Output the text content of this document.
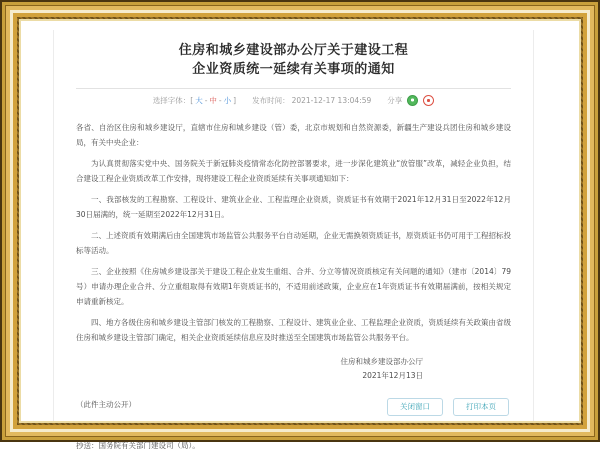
住房和城乡建设部办公厅关于建设工程
企业资质统一延续有关事项的通知
选择字体：[ 大 - 中 - 小 ] 发布时间： 2021-12-17 13:04:59 分享

各省、自治区住房和城乡建设厅，直辖市住房和城乡建设（管）委，北京市规划和自然资源委，新疆生产建设兵团住房和城乡建设局，有关中央企业：

为认真贯彻落实党中央、国务院关于新冠肺炎疫情常态化防控部署要求，进一步深化建筑业“放管服”改革，减轻企业负担，结合建设工程企业资质改革工作安排，现将建设工程企业资质延续有关事项通知如下：

一、我部核发的工程勘察、工程设计、建筑业企业、工程监理企业资质，资质证书有效期于2021年12月31日至2022年12月30日届满的，统一延期至2022年12月31日。

二、上述资质有效期满后由全国建筑市场监管公共服务平台自动延期，企业无需换领资质证书，原资质证书仍可用于工程招标投标等活动。

三、企业按照《住房城乡建设部关于建设工程企业发生重组、合并、分立等情况资质核定有关问题的通知》（建市〔2014〕79号）申请办理企业合并、分立重组取得有效期1年资质证书的，不适用前述政策，企业应在1年资质证书有效期届满前，按相关规定申请重新核定。

四、地方各级住房和城乡建设主管部门核发的工程勘察、工程设计、建筑业企业、工程监理企业资质，资质延续有关政策由省级住房和城乡建设主管部门确定，相关企业资质延续信息应及时推送至全国建筑市场监管公共服务平台。

住房和城乡建设部办公厅
2021年12月13日

（此件主动公开）

抄送：国务院有关部门建设司（局）。

关闭窗口	打印本页
